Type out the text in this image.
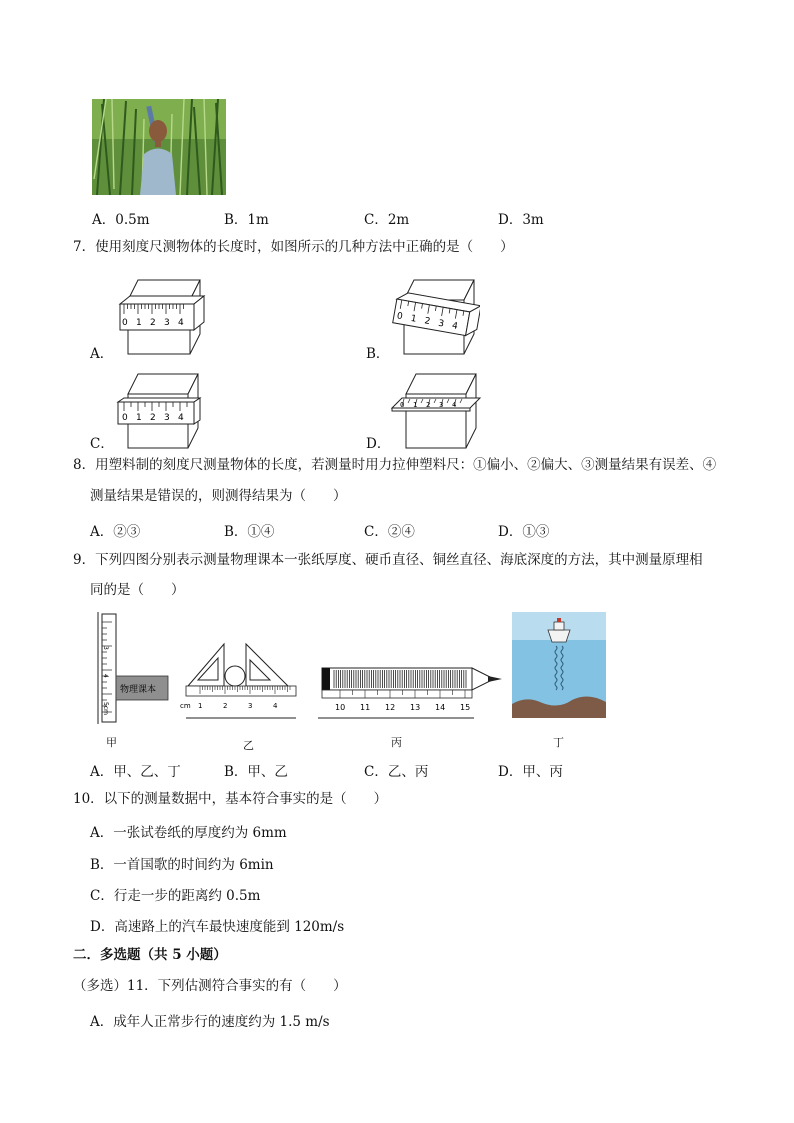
A．0.5m	B．1m	C．2m	D．3m
7．使用刻度尺测物体的长度时，如图所示的几种方法中正确的是（　　）
0 1 2 3 4
A．
0 1 2 3 4
B．
0 1 2 3 4
C．
0 1 2 3 4
D．
8．用塑料制的刻度尺测量物体的长度，若测量时用力拉伸塑料尺：①偏小、②偏大、③测量结果有误差、④
测量结果是错误的，则测得结果为（　　）
A．②③	B．①④	C．②④	D．①③
9．下列四图分别表示测量物理课本一张纸厚度、硬币直径、铜丝直径、海底深度的方法，其中测量原理相
同的是（　　）
3
4
5cm
物理课本
甲
cm 1	2	3	4
乙
10 11 12 13 14 15
丙	丁
A．甲、乙、丁	B．甲、乙	C．乙、丙	D．甲、丙
10．以下的测量数据中，基本符合事实的是（　　）
A．一张试卷纸的厚度约为 6mm
B．一首国歌的时间约为 6min
C．行走一步的距离约 0.5m
D．高速路上的汽车最快速度能到 120m/s
二．多选题（共 5 小题）
（多选）11．下列估测符合事实的有（　　）
A．成年人正常步行的速度约为 1.5 m/s
